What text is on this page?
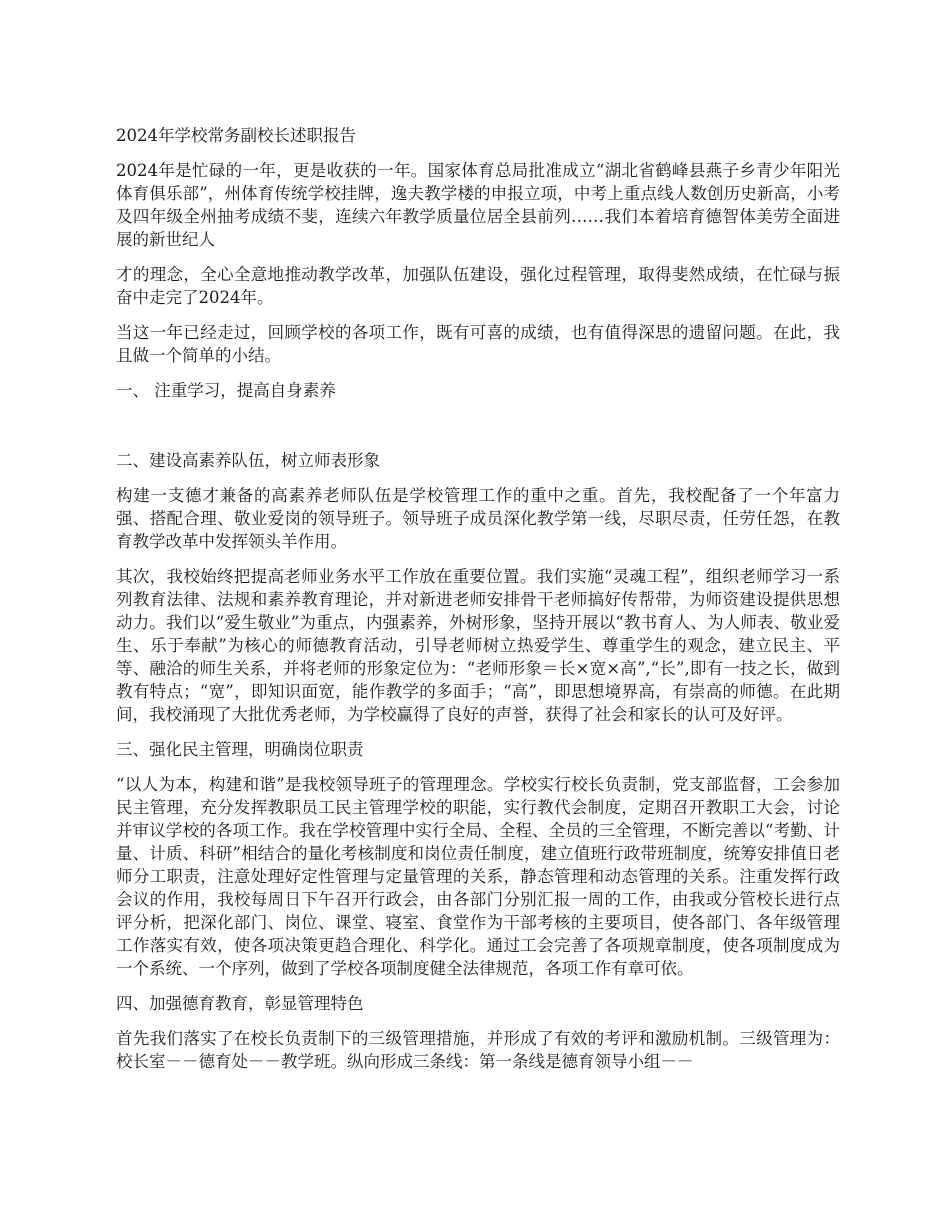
2024年学校常务副校长述职报告

2024年是忙碌的一年，更是收获的一年。国家体育总局批准成立“湖北省鹤峰县燕子乡青少年阳光体育俱乐部”，州体育传统学校挂牌，逸夫教学楼的申报立项，中考上重点线人数创历史新高，小考及四年级全州抽考成绩不斐，连续六年教学质量位居全县前列……我们本着培育德智体美劳全面进展的新世纪人

才的理念，全心全意地推动教学改革，加强队伍建设，强化过程管理，取得斐然成绩，在忙碌与振奋中走完了2024年。

当这一年已经走过，回顾学校的各项工作，既有可喜的成绩，也有值得深思的遗留问题。在此，我且做一个简单的小结。

一、 注重学习，提高自身素养
二、建设高素养队伍，树立师表形象

构建一支德才兼备的高素养老师队伍是学校管理工作的重中之重。首先，我校配备了一个年富力强、搭配合理、敬业爱岗的领导班子。领导班子成员深化教学第一线，尽职尽责，任劳任怨，在教育教学改革中发挥领头羊作用。

其次，我校始终把提高老师业务水平工作放在重要位置。我们实施“灵魂工程”，组织老师学习一系列教育法律、法规和素养教育理论，并对新进老师安排骨干老师搞好传帮带，为师资建设提供思想动力。我们以“爱生敬业”为重点，内强素养，外树形象，坚持开展以“教书育人、为人师表、敬业爱生、乐于奉献”为核心的师德教育活动，引导老师树立热爱学生、尊重学生的观念，建立民主、平等、融洽的师生关系，并将老师的形象定位为：“老师形象＝长×宽×高”,“长”,即有一技之长，做到教有特点；“宽”，即知识面宽，能作教学的多面手；“高”，即思想境界高，有崇高的师德。在此期间，我校涌现了大批优秀老师，为学校赢得了良好的声誉，获得了社会和家长的认可及好评。

三、强化民主管理，明确岗位职责

“以人为本，构建和谐”是我校领导班子的管理理念。学校实行校长负责制，党支部监督，工会参加民主管理，充分发挥教职员工民主管理学校的职能，实行教代会制度，定期召开教职工大会，讨论并审议学校的各项工作。我在学校管理中实行全局、全程、全员的三全管理，不断完善以“考勤、计量、计质、科研”相结合的量化考核制度和岗位责任制度，建立值班行政带班制度，统筹安排值日老师分工职责，注意处理好定性管理与定量管理的关系，静态管理和动态管理的关系。注重发挥行政会议的作用，我校每周日下午召开行政会，由各部门分别汇报一周的工作，由我或分管校长进行点评分析，把深化部门、岗位、课堂、寝室、食堂作为干部考核的主要项目，使各部门、各年级管理工作落实有效，使各项决策更趋合理化、科学化。通过工会完善了各项规章制度，使各项制度成为一个系统、一个序列，做到了学校各项制度健全法律规范，各项工作有章可依。

四、加强德育教育，彰显管理特色

首先我们落实了在校长负责制下的三级管理措施，并形成了有效的考评和激励机制。三级管理为：校长室－－德育处－－教学班。纵向形成三条线：第一条线是德育领导小组－－
